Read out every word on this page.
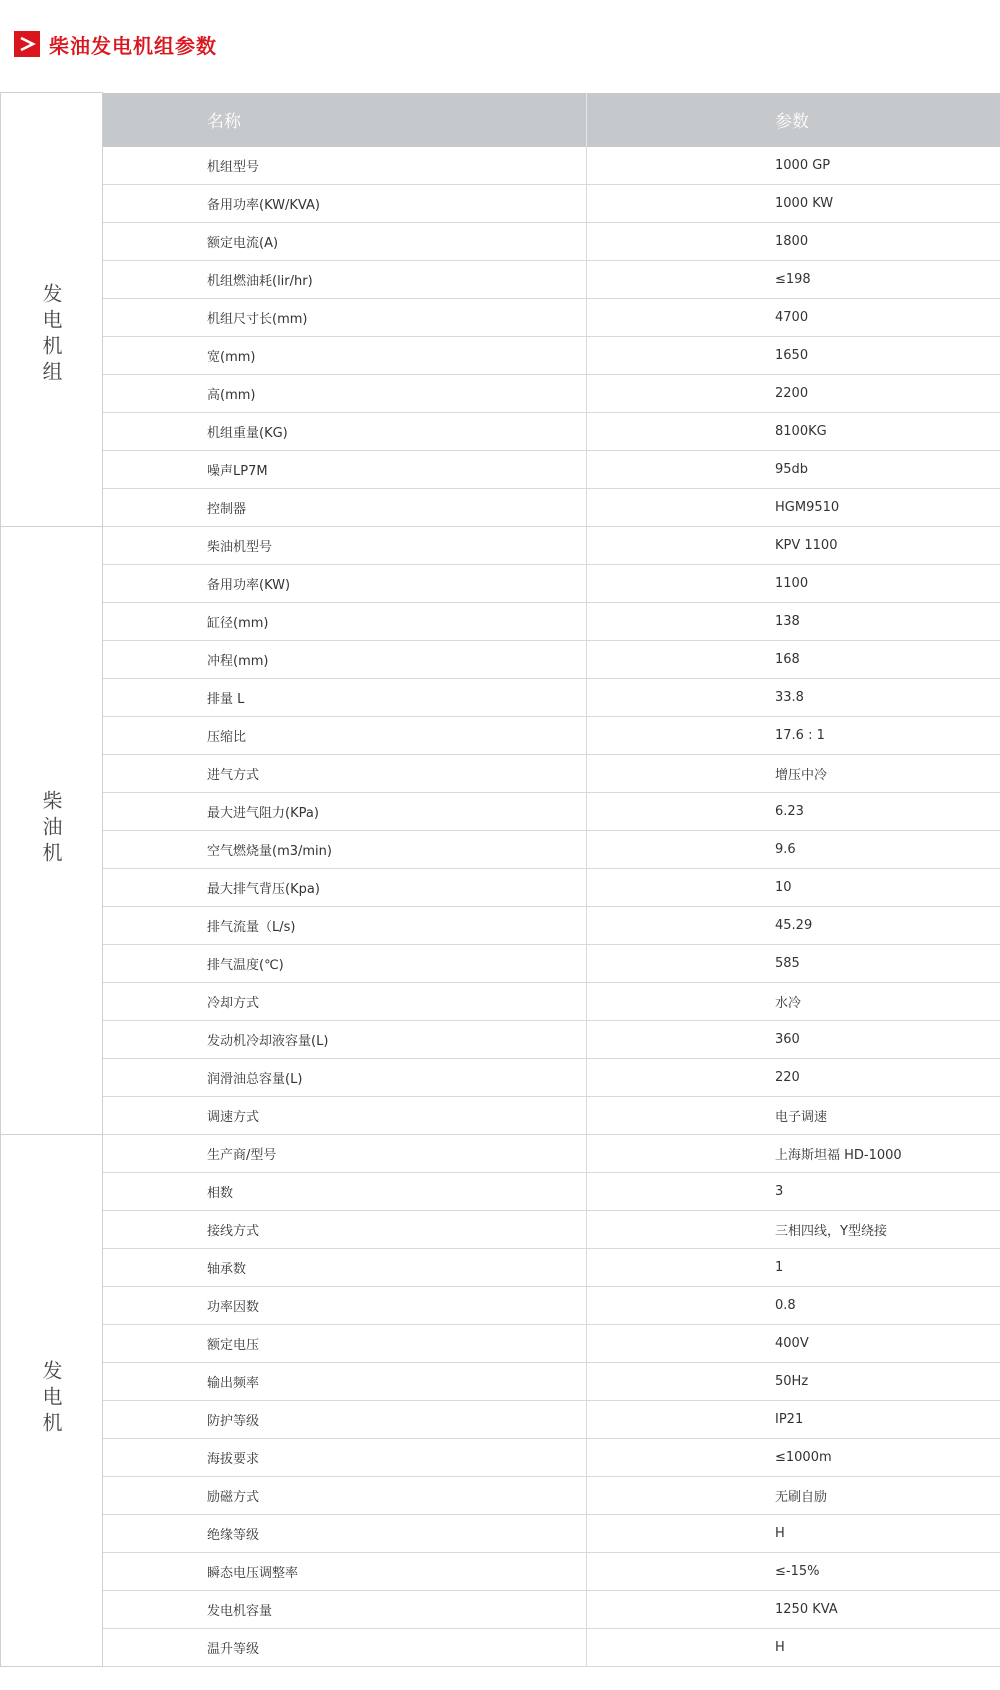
柴油发电机组参数
	名称	参数
发电机组	机组型号	1000 GP
	备用功率(KW/KVA)	1000 KW
	额定电流(A)	1800
	机组燃油耗(lir/hr)	≤198
	机组尺寸长(mm)	4700
	宽(mm)	1650
	高(mm)	2200
	机组重量(KG)	8100KG
	噪声LP7M	95db
	控制器	HGM9510
柴油机	柴油机型号	KPV 1100
	备用功率(KW)	1100
	缸径(mm)	138
	冲程(mm)	168
	排量 L	33.8
	压缩比	17.6 : 1
	进气方式	增压中冷
	最大进气阻力(KPa)	6.23
	空气燃烧量(m3/min)	9.6
	最大排气背压(Kpa)	10
	排气流量（L/s)	45.29
	排气温度(℃)	585
	冷却方式	水冷
	发动机冷却液容量(L)	360
	润滑油总容量(L)	220
	调速方式	电子调速
发电机	生产商/型号	上海斯坦福 HD-1000
	相数	3
	接线方式	三相四线，Y型绕接
	轴承数	1
	功率因数	0.8
	额定电压	400V
	输出频率	50Hz
	防护等级	IP21
	海拔要求	≤1000m
	励磁方式	无刷自励
	绝缘等级	H
	瞬态电压调整率	≤-15%
	发电机容量	1250 KVA
	温升等级	H
